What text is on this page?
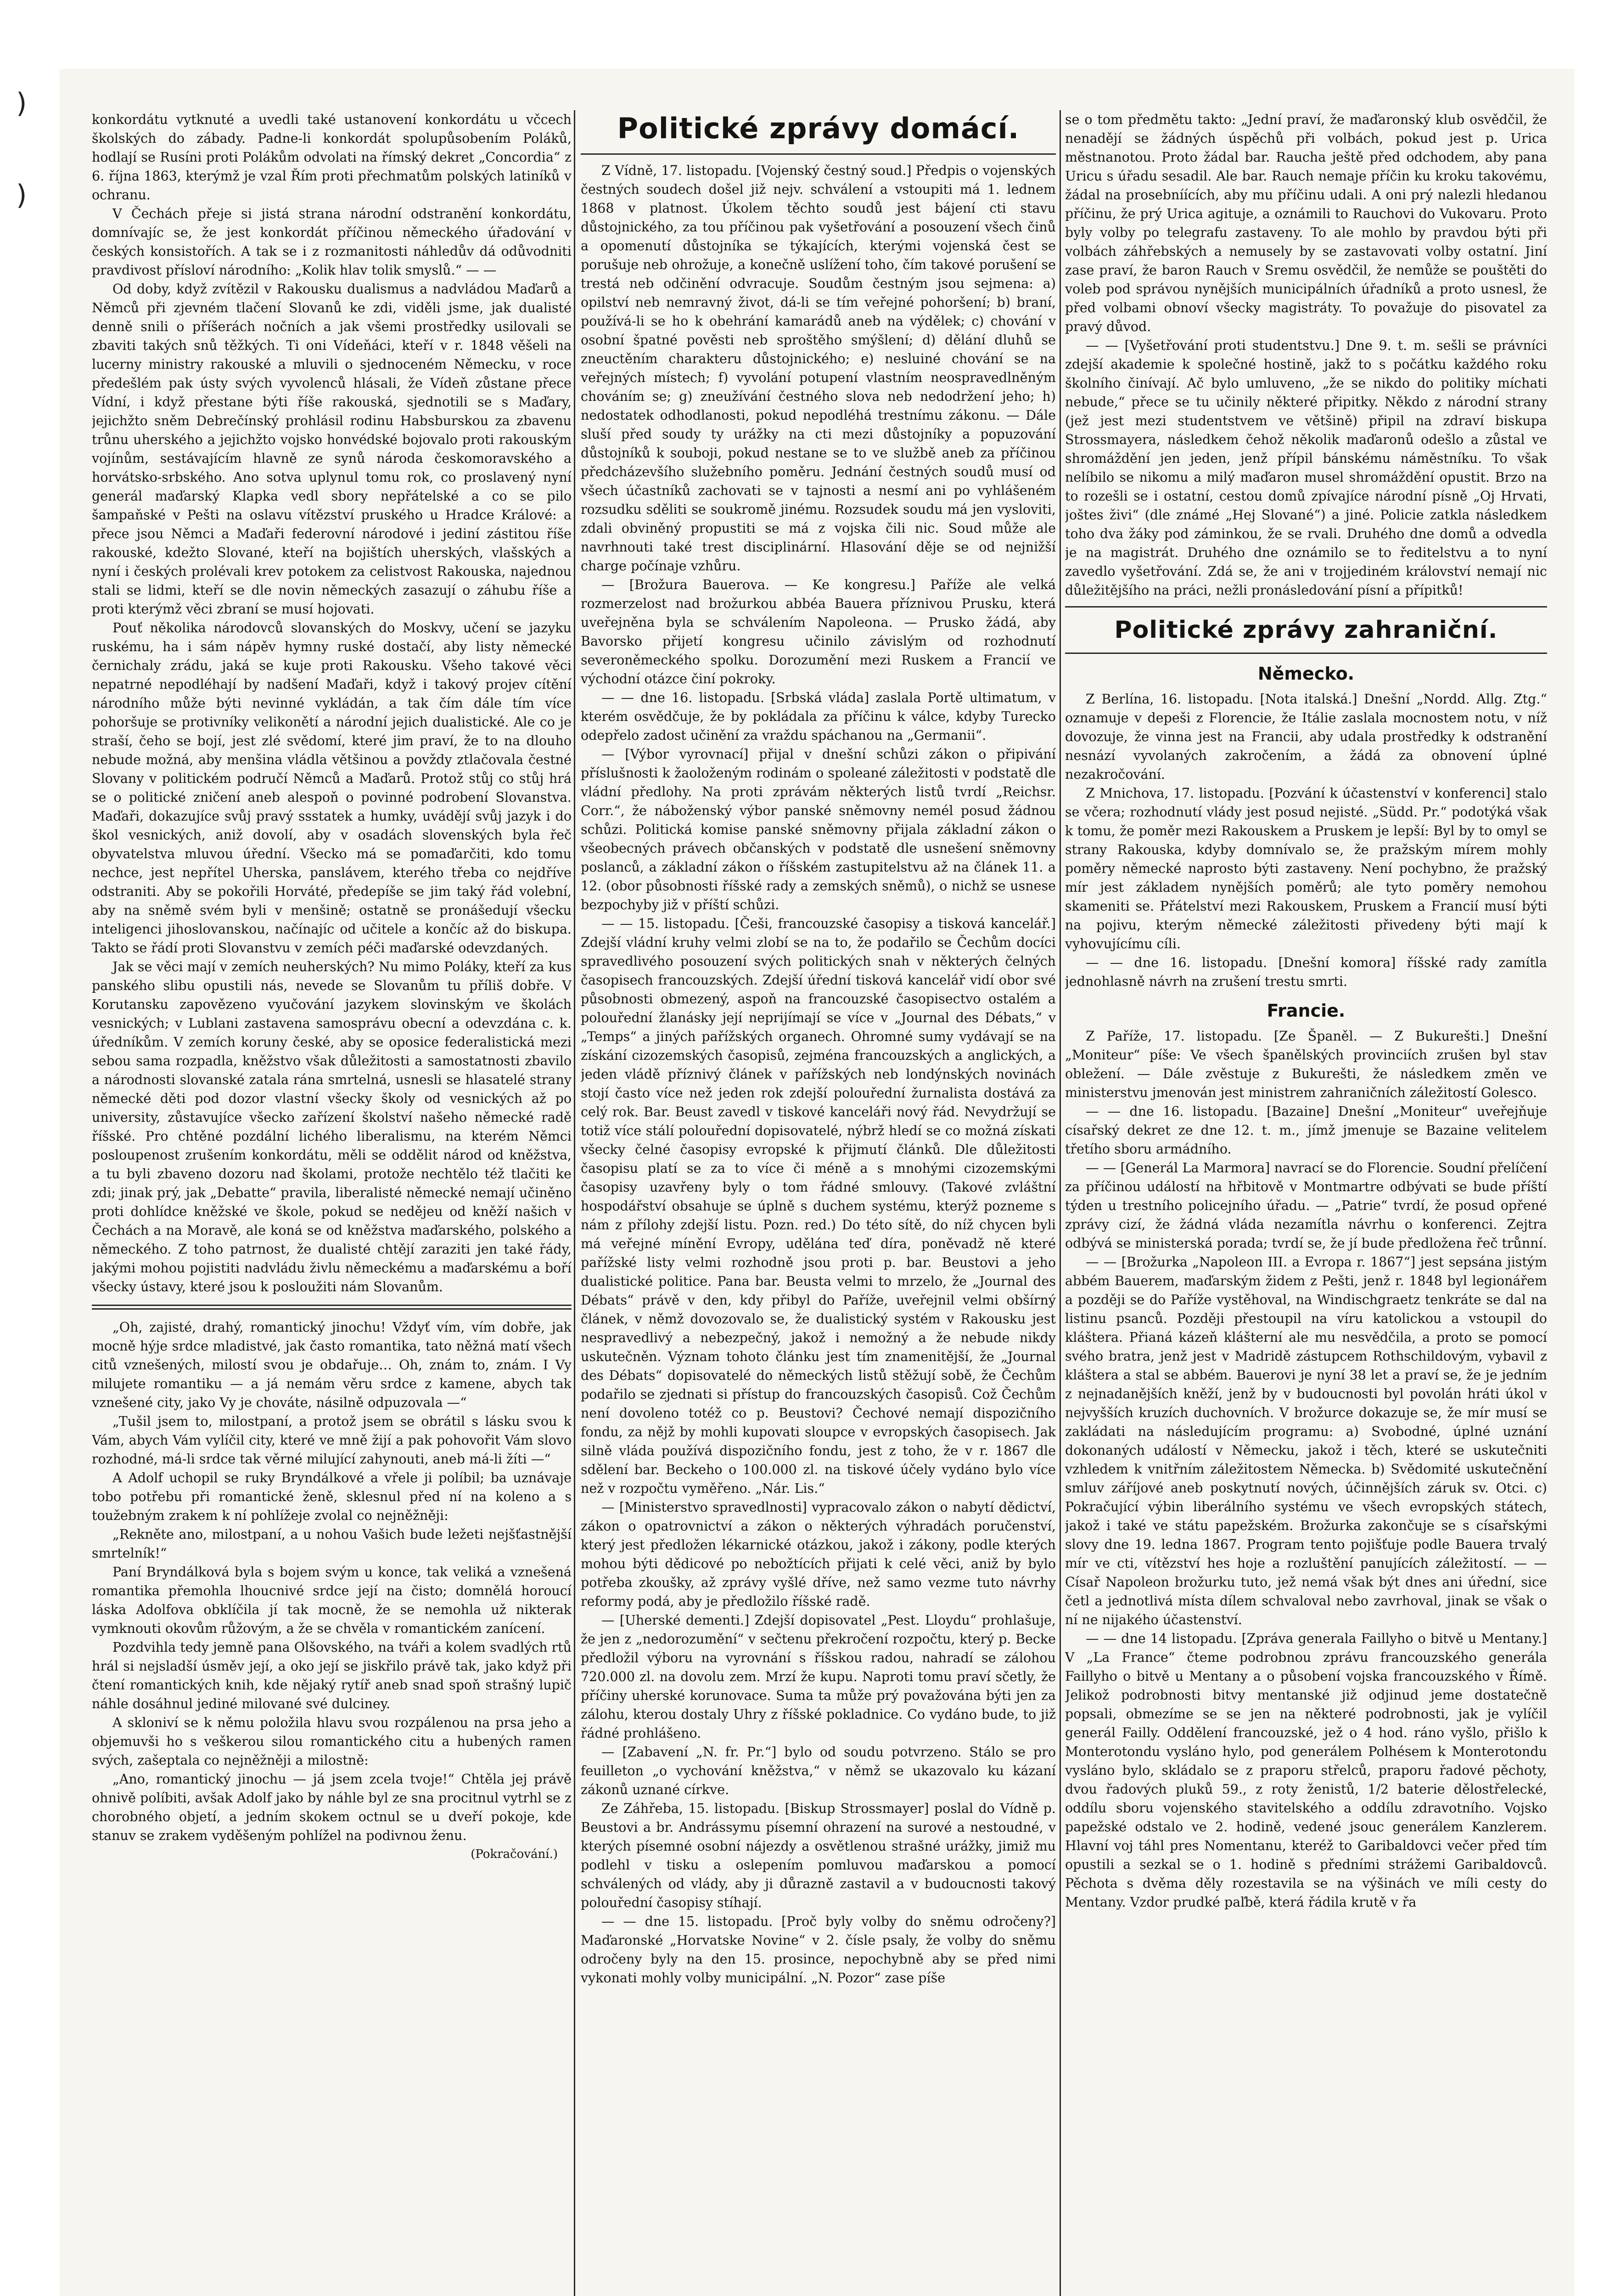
)
)

konkordátu vytknuté a uvedli také ustanovení konkordátu u včcech školských do zábady. Padne-li konkordát spolupůsobením Poláků, hodlají se Rusíni proti Polákům odvolati na římský dekret „Concordia“ z 6. října 1863, kterýmž je vzal Řím proti přechmatům polských latiníků v ochranu.

V Čechách přeje si jistá strana národní odstranění konkordátu, domnívajíc se, že jest konkordát příčinou německého úřadování v českých konsistořích. A tak se i z rozmanitosti náhledův dá odůvodniti pravdivost přísloví národního: „Kolik hlav tolik smyslů.“ — —

Od doby, když zvítězil v Rakousku dualismus a nadvládou Maďarů a Němců při zjevném tlačení Slovanů ke zdi, viděli jsme, jak dualisté denně snili o příšerách nočních a jak všemi prostředky usilovali se zbaviti takých snů těžkých. Ti oni Vídeňáci, kteří v r. 1848 věšeli na lucerny ministry rakouské a mluvili o sjednoceném Německu, v roce předešlém pak ústy svých vyvolenců hlásali, že Vídeň zůstane přece Vídní, i když přestane býti říše rakouská, sjednotili se s Maďary, jejichžto sněm Debrečínský prohlásil rodinu Habsburskou za zbavenu trůnu uherského a jejichžto vojsko honvédské bojovalo proti rakouským vojínům, sestávajícím hlavně ze synů národa českomoravského a horvátsko-srbského. Ano sotva uplynul tomu rok, co proslavený nyní generál maďarský Klapka vedl sbory nepřátelské a co se pilo šampaňské v Pešti na oslavu vítězství pruského u Hradce Králové: a přece jsou Němci a Maďaři federovní národové i jediní zástitou říše rakouské, kdežto Slované, kteří na bojištích uherských, vlašských a nyní i českých prolévali krev potokem za celistvost Rakouska, najednou stali se lidmi, kteří se dle novin německých zasazují o záhubu říše a proti kterýmž věci zbraní se musí hojovati.

Pouť několika národovců slovanských do Moskvy, učení se jazyku ruskému, ha i sám nápěv hymny ruské dostačí, aby listy německé černichaly zrádu, jaká se kuje proti Rakousku. Všeho takové věci nepatrné nepodléhají by nadšení Maďaři, když i takový projev cítění národního může býti nevinné vykládán, a tak čím dále tím více pohoršuje se protivníky velikonětí a národní jejich dualistické. Ale co je straší, čeho se bojí, jest zlé svědomí, které jim praví, že to na dlouho nebude možná, aby menšina vládla většinou a povždy ztlačovala čestné Slovany v politickém područí Němců a Maďarů. Protož stůj co stůj hrá se o politické zničení aneb alespoň o povinné podrobení Slovanstva. Maďaři, dokazujíce svůj pravý ssstatek a humky, uvádějí svůj jazyk i do škol vesnických, aniž dovolí, aby v osadách slovenských byla řeč obyvatelstva mluvou úřední. Všecko má se pomaďarčiti, kdo tomu nechce, jest nepřítel Uherska, panslávem, kterého třeba co nejdříve odstraniti. Aby se pokořili Horváté, předepíše se jim taký řád volební, aby na sněmě svém byli v menšině; ostatně se pronášedují všecku inteligenci jihoslovanskou, načínajíc od učitele a končíc až do biskupa. Takto se řádí proti Slovanstvu v zemích péči maďarské odevzdaných.

Jak se věci mají v zemích neuherských? Nu mimo Poláky, kteří za kus panského slibu opustili nás, nevede se Slovanům tu příliš dobře. V Korutansku zapovězeno vyučování jazykem slovinským ve školách vesnických; v Lublani zastavena samosprávu obecní a odevzdána c. k. úředníkům. V zemích koruny české, aby se oposice federalistická mezi sebou sama rozpadla, kněžstvo však důležitosti a samostatnosti zbavilo a národnosti slovanské zatala rána smrtelná, usnesli se hlasatelé strany německé děti pod dozor vlastní všecky školy od vesnických až po university, zůstavujíce všecko zařízení školství našeho německé radě říšské. Pro chtěné pozdální lichého liberalismu, na kterém Němci posloupenost zrušením konkordátu, měli se oddělit národ od kněžstva, a tu byli zbaveno dozoru nad školami, protože nechtělo též tlačiti ke zdi; jinak prý, jak „Debatte“ pravila, liberalisté německé nemají učiněno proti dohlídce kněžské ve škole, pokud se nedějeu od kněží našich v Čechách a na Moravě, ale koná se od kněžstva maďarského, polského a německého. Z toho patrnost, že dualisté chtějí zaraziti jen také řády, jakými mohou pojistiti nadvládu živlu německému a maďarskému a boří všecky ústavy, které jsou k posloužiti nám Slovanům.

„Oh, zajisté, drahý, romantický jinochu! Vždyť vím, vím dobře, jak mocně hýje srdce mladistvé, jak často romantika, tato něžná matí všech citů vznešených, milostí svou je obdařuje… Oh, znám to, znám. I Vy milujete romantiku — a já nemám věru srdce z kamene, abych tak vznešené city, jako Vy je chováte, násilně odpuzovala —“

„Tušil jsem to, milostpaní, a protož jsem se obrátil s lásku svou k Vám, abych Vám vylíčil city, které ve mně žijí a pak pohovořit Vám slovo rozhodné, má-li srdce tak věrné milující zahynouti, aneb má-li žíti —“

A Adolf uchopil se ruky Bryndálkové a vřele ji políbil; ba uznávaje tobo potřebu při romantické ženě, sklesnul před ní na koleno a s toužebným zrakem k ní pohlížeje zvolal co nejněžněji:

„Rekněte ano, milostpaní, a u nohou Vašich bude ležeti nejšťastnější smrtelník!“

Paní Bryndálková byla s bojem svým u konce, tak veliká a vznešená romantika přemohla lhoucnivé srdce její na čisto; domnělá horoucí láska Adolfova obklíčila jí tak mocně, že se nemohla už nikterak vymknouti okovům růžovým, a že se chvěla v romantickém zanícení.

Pozdvihla tedy jemně pana Olšovského, na tváři a kolem svadlých rtů hrál si nejsladší úsměv její, a oko její se jiskřilo právě tak, jako když při čtení romantických knih, kde nějaký rytíř aneb snad spoň strašný lupič náhle dosáhnul jediné milované své dulciney.

A skloniví se k němu položila hlavu svou rozpálenou na prsa jeho a objemuvši ho s veškerou silou romantického citu a hubených ramen svých, zašeptala co nejněžněji a milostně:

„Ano, romantický jinochu — já jsem zcela tvoje!“ Chtěla jej právě ohnivě políbiti, avšak Adolf jako by náhle byl ze sna procitnul vytrhl se z chorobného objetí, a jedním skokem octnul se u dveří pokoje, kde stanuv se zrakem vyděšeným pohlížel na podivnou ženu.

(Pokračování.)

Politické zprávy domácí.

Z Vídně, 17. listopadu. [Vojenský čestný soud.] Předpis o vojenských čestných soudech došel již nejv. schválení a vstoupiti má 1. lednem 1868 v platnost. Úkolem těchto soudů jest bájení cti stavu důstojnického, za tou příčinou pak vyšetřování a posouzení všech činů a opomenutí důstojníka se týkajících, kterými vojenská čest se porušuje neb ohrožuje, a konečně uslížení toho, čím takové porušení se trestá neb odčinění odvracuje. Soudům čestným jsou sejmena: a) opilství neb nemravný život, dá-li se tím veřejné pohoršení; b) braní, používá-li se ho k obehrání kamarádů aneb na výdělek; c) chování v osobní špatné pověsti neb sproštěho smýšlení; d) dělání dluhů se zneuctěním charakteru důstojnického; e) nesluiné chování se na veřejných místech; f) vyvolání potupení vlastním neospravedlněným chováním se; g) zneužívání čestného slova neb nedodržení jeho; h) nedostatek odhodlanosti, pokud nepodléhá trestnímu zákonu. — Dále sluší před soudy ty urážky na cti mezi důstojníky a popuzování důstojníků k souboji, pokud nestane se to ve službě aneb za příčinou předcházevšího služebního poměru. Jednání čestných soudů musí od všech účastníků zachovati se v tajnosti a nesmí ani po vyhlášeném rozsudku sděliti se soukromě jinému. Rozsudek soudu má jen vysloviti, zdali obviněný propustiti se má z vojska čili nic. Soud může ale navrhnouti také trest disciplinární. Hlasování děje se od nejnižší charge počínaje vzhůru.

— [Brožura Bauerova. — Ke kongresu.] Paříže ale velká rozmerzelost nad brožurkou abbéa Bauera příznivou Prusku, která uveřejněna byla se schválením Napoleona. — Prusko žádá, aby Bavorsko přijetí kongresu učinilo závislým od rozhodnutí severoněmeckého spolku. Dorozumění mezi Ruskem a Francií ve východní otázce činí pokroky.

— — dne 16. listopadu. [Srbská vláda] zaslala Portě ultimatum, v kterém osvědčuje, že by pokládala za příčinu k válce, kdyby Turecko odepřelo zadost učinění za vraždu spáchanou na „Germanii“.

— [Výbor vyrovnací] přijal v dnešní schůzi zákon o připivání příslušnosti k žaoloženým rodinám o spoleané záležitosti v podstatě dle vládní předlohy. Na proti zprávám některých listů tvrdí „Reichsr. Corr.“, že náboženský výbor panské sněmovny nemél posud žádnou schůzi. Politická komise panské sněmovny přijala základní zákon o všeobecných právech občanských v podstatě dle usnešení sněmovny poslanců, a základní zákon o říšském zastupitelstvu až na článek 11. a 12. (obor působnosti říšské rady a zemských sněmů), o nichž se usnese bezpochyby již v příští schůzi.

— — 15. listopadu. [Češi, francouzské časopisy a tisková kancelář.] Zdejší vládní kruhy velmi zlobí se na to, že podařilo se Čechům docíci spravedlivého posouzení svých politických snah v některých čelných časopisech francouzských. Zdejší úřední tisková kancelář vidí obor své působnosti obmezený, aspoň na francouzské časopisectvo ostalém a polouřední žlanásky její neprijímají se více v „Journal des Débats,“ v „Temps“ a jiných pařížských organech. Ohromné sumy vydávají se na získání cizozemských časopisů, zejména francouzských a anglických, a jeden vládě příznivý článek v pařížských neb londýnských novinách stojí často více než jeden rok zdejší polouřední žurnalista dostává za celý rok. Bar. Beust zavedl v tiskové kanceláři nový řád. Nevydržují se totiž více stálí polouřední dopisovatelé, nýbrž hledí se co možná získati všecky čelné časopisy evropské k přijmutí článků. Dle důležitosti časopisu platí se za to více či méně a s mnohými cizozemskými časopisy uzavřeny byly o tom řádné smlouvy. (Takové zvláštní hospodářství obsahuje se úplně s duchem systému, kterýž pozneme s nám z přílohy zdejší listu. Pozn. red.) Do této sítě, do níž chycen byli má veřejné mínění Evropy, udělána teď díra, poněvadž ně které pařížské listy velmi rozhodně jsou proti p. bar. Beustovi a jeho dualistické politice. Pana bar. Beusta velmi to mrzelo, že „Journal des Débats“ právě v den, kdy přibyl do Paříže, uveřejnil velmi obšírný článek, v němž dovozovalo se, že dualistický systém v Rakousku jest nespravedlivý a nebezpečný, jakož i nemožný a že nebude nikdy uskutečněn. Význam tohoto článku jest tím znamenitější, že „Journal des Débats“ dopisovatelé do německých listů stěžují sobě, že Čechům podařilo se zjednati si přístup do francouzských časopisů. Což Čechům není dovoleno totéž co p. Beustovi? Čechové nemají dispozičního fondu, za nějž by mohli kupovati sloupce v evropských časopisech. Jak silně vláda používá dispozičního fondu, jest z toho, že v r. 1867 dle sdělení bar. Beckeho o 100.000 zl. na tiskové účely vydáno bylo více než v rozpočtu vyměřeno. „Nár. Lis.“

— [Ministerstvo spravedlnosti] vypracovalo zákon o nabytí dědictví, zákon o opatrovnictví a zákon o některých výhradách poručenství, který jest předložen lékarnické otázkou, jakož i zákony, podle kterých mohou býti dědicové po nebožtících přijati k celé věci, aniž by bylo potřeba zkoušky, až zprávy vyšlé dříve, než samo vezme tuto návrhy reformy podá, aby je předložilo říšské radě.

— [Uherské dementi.] Zdejší dopisovatel „Pest. Lloydu“ prohlašuje, že jen z „nedorozumění“ v sečtenu překročení rozpočtu, který p. Becke předložil výboru na vyrovnání s říšskou radou, nahradí se zálohou 720.000 zl. na dovolu zem. Mrzí že kupu. Naproti tomu praví sčetly, že příčiny uherské korunovace. Suma ta může prý považována býti jen za zálohu, kterou dostaly Uhry z říšské pokladnice. Co vydáno bude, to již řádné prohlášeno.

— [Zabavení „N. fr. Pr.“] bylo od soudu potvrzeno. Stálo se pro feuilleton „o vychování kněžstva,“ v němž se ukazovalo ku kázaní zákonů uznané církve.

Ze Záhřeba, 15. listopadu. [Biskup Strossmayer] poslal do Vídně p. Beustovi a br. Andrássymu písemní ohrazení na surové a nestoudné, v kterých písemné osobní nájezdy a osvětlenou strašné urážky, jimiž mu podlehl v tisku a oslepením pomluvou maďarskou a pomocí schválených od vlády, aby ji důrazně zastavil a v budoucnosti takový polouřední časopisy stíhají.

— — dne 15. listopadu. [Proč byly volby do sněmu odročeny?] Maďaronské „Horvatske Novine“ v 2. čísle psaly, že volby do sněmu odročeny byly na den 15. prosince, nepochybně aby se před nimi vykonati mohly volby municipální. „N. Pozor“ zase píše

se o tom předmětu takto: „Jední praví, že maďaronský klub osvědčil, že nenadějí se žádných úspěchů při volbách, pokud jest p. Urica městnanotou. Proto žádal bar. Raucha ještě před odchodem, aby pana Uricu s úřadu sesadil. Ale bar. Rauch nemaje příčin ku kroku takovému, žádal na prosebníících, aby mu příčinu udali. A oni prý nalezli hledanou příčinu, že prý Urica agituje, a oznámili to Rauchovi do Vukovaru. Proto byly volby po telegrafu zastaveny. To ale mohlo by pravdou býti při volbách záhřebských a nemusely by se zastavovati volby ostatní. Jiní zase praví, že baron Rauch v Sremu osvědčil, že nemůže se pouštěti do voleb pod správou nynějších municipálních úřadníků a proto usnesl, že před volbami obnoví všecky magistráty. To považuje do pisovatel za pravý důvod.

— — [Vyšetřování proti studentstvu.] Dne 9. t. m. sešli se právníci zdejší akademie k společné hostině, jakž to s počátku každého roku školního činívají. Ač bylo umluveno, „že se nikdo do politiky míchati nebude,“ přece se tu učinily některé připitky. Někdo z národní strany (jež jest mezi studentstvem ve většině) připil na zdraví biskupa Strossmayera, následkem čehož několik maďaronů odešlo a zůstal ve shromáždění jen jeden, jenž přípil bánskému náměstníku. To však nelíbilo se nikomu a milý maďaron musel shromáždění opustit. Brzo na to rozešli se i ostatní, cestou domů zpívajíce národní písně „Oj Hrvati, joštes živi“ (dle známé „Hej Slované“) a jiné. Policie zatkla následkem toho dva žáky pod záminkou, že se rvali. Druhého dne domů a odvedla je na magistrát. Druhého dne oznámilo se to ředitelstvu a to nyní zavedlo vyšetřování. Zdá se, že ani v trojjediném království nemají nic důležitějšího na práci, nežli pronásledování písní a přípitků!

Politické zprávy zahraniční.
Německo.

Z Berlína, 16. listopadu. [Nota italská.] Dnešní „Nordd. Allg. Ztg.“ oznamuje v depeši z Florencie, že Itálie zaslala mocnostem notu, v níž dovozuje, že vinna jest na Francii, aby udala prostředky k odstranění nesnází vyvolaných zakročením, a žádá za obnovení úplné nezakročování.

Z Mnichova, 17. listopadu. [Pozvání k účastenství v konferenci] stalo se včera; rozhodnutí vlády jest posud nejisté. „Südd. Pr.“ podotýká však k tomu, že poměr mezi Rakouskem a Pruskem je lepší: Byl by to omyl se strany Rakouska, kdyby domnívalo se, že pražským mírem mohly poměry německé naprosto býti zastaveny. Není pochybno, že pražský mír jest základem nynějších poměrů; ale tyto poměry nemohou skameniti se. Přátelství mezi Rakouskem, Pruskem a Francií musí býti na pojivu, kterým německé záležitosti přivedeny býti mají k vyhovujícímu cíli.

— — dne 16. listopadu. [Dnešní komora] říšské rady zamítla jednohlasně návrh na zrušení trestu smrti.

Francie.

Z Paříže, 17. listopadu. [Ze Španěl. — Z Bukurešti.] Dnešní „Moniteur“ píše: Ve všech španělských provinciích zrušen byl stav obležení. — Dále zvěstuje z Bukurešti, že následkem změn ve ministerstvu jmenován jest ministrem zahraničních záležitostí Golesco.

— — dne 16. listopadu. [Bazaine] Dnešní „Moniteur“ uveřejňuje císařský dekret ze dne 12. t. m., jímž jmenuje se Bazaine velitelem třetího sboru armádního.

— — [Generál La Marmora] navrací se do Florencie. Soudní přelíčení za příčinou událostí na hřbitově v Montmartre odbývati se bude příští týden u trestního policejního úřadu. — „Patrie“ tvrdí, že posud opřené zprávy cizí, že žádná vláda nezamítla návrhu o konferenci. Zejtra odbývá se ministerská porada; tvrdí se, že jí bude předložena řeč trůnní.

— — [Brožurka „Napoleon III. a Evropa r. 1867“] jest sepsána jistým abbém Bauerem, maďarským židem z Pešti, jenž r. 1848 byl legionářem a později se do Paříže vystěhoval, na Windischgraetz tenkráte se dal na listinu psanců. Později přestoupil na víru katolickou a vstoupil do kláštera. Přianá kázeň klášterní ale mu nesvědčila, a proto se pomocí svého bratra, jenž jest v Madridě zástupcem Rothschildovým, vybavil z kláštera a stal se abbém. Bauerovi je nyní 38 let a praví se, že je jedním z nejnadanějších kněží, jenž by v budoucnosti byl povolán hráti úkol v nejvyšších kruzích duchovních. V brožurce dokazuje se, že mír musí se zakládati na následujícím programu: a) Svobodné, úplné uznání dokonaných událostí v Německu, jakož i těch, které se uskutečniti vzhledem k vnitřním záležitostem Německa. b) Svědomité uskutečnění smluv záříjové aneb poskytnutí nových, účinnějších záruk sv. Otci. c) Pokračující výbin liberálního systému ve všech evropských státech, jakož i také ve státu papežském. Brožurka zakončuje se s císařskými slovy dne 19. ledna 1867. Program tento pojišťuje podle Bauera trvalý mír ve cti, vítězství hes hoje a rozluštění panujících záležitostí. — — Císař Napoleon brožurku tuto, jež nemá však být dnes ani úřední, sice četl a jednotlivá místa dílem schvaloval nebo zavrhoval, jinak se však o ní ne nijakého účastenství.

— — dne 14 listopadu. [Zpráva generala Faillyho o bitvě u Mentany.] V „La France“ čteme podrobnou zprávu francouzského generála Faillyho o bitvě u Mentany a o působení vojska francouzského v Římě. Jelikož podrobnosti bitvy mentanské již odjinud jeme dostatečně popsali, obmezíme se se jen na některé podrobnosti, jak je vylíčil generál Failly. Oddělení francouzské, jež o 4 hod. ráno vyšlo, přišlo k Monterotondu vysláno hylo, pod generálem Polhésem k Monterotondu vysláno bylo, skládalo se z praporu střelců, praporu řadové pěchoty, dvou řadových pluků 59., z roty ženistů, 1/2 baterie dělostřelecké, oddílu sboru vojenského stavitelského a oddílu zdravotního. Vojsko papežské odstalo ve 2. hodině, vedené jsouc generálem Kanzlerem. Hlavní voj táhl pres Nomentanu, kteréž to Garibaldovci večer před tím opustili a sezkal se o 1. hodině s předními strážemi Garibaldovců. Pěchota s dvěma děly rozestavila se na výšinách ve míli cesty do Mentany. Vzdor prudké paľbě, která řádila krutě v řa
